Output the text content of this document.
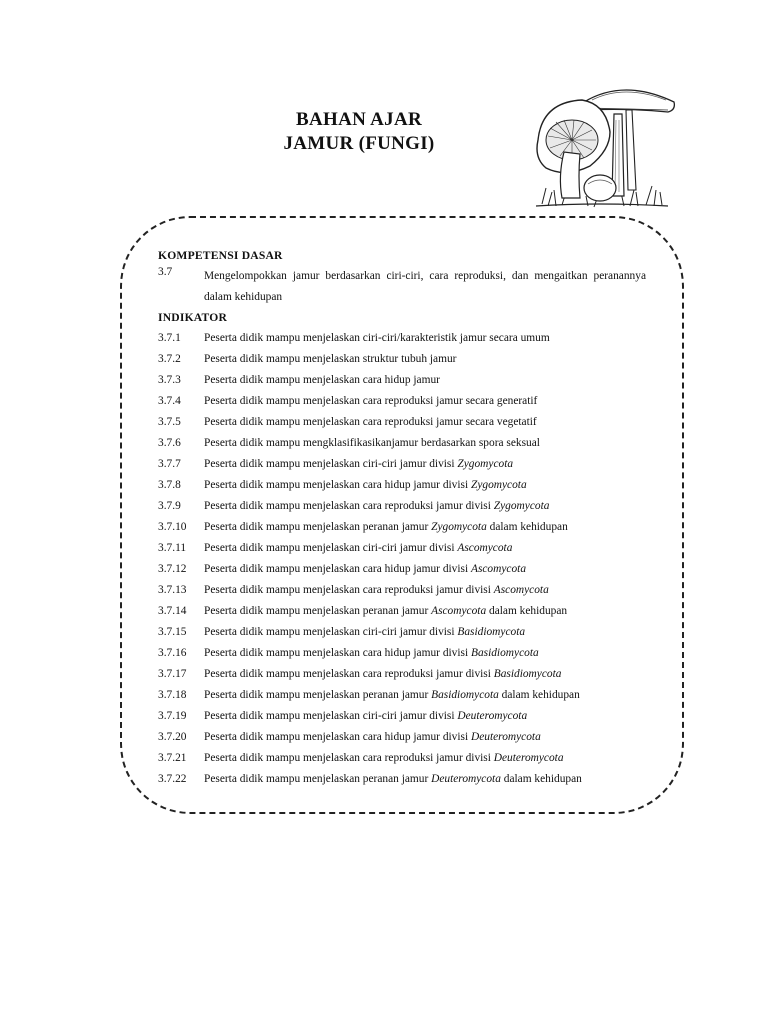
BAHAN AJAR
JAMUR (FUNGI)
KOMPETENSI DASAR
3.7	Mengelompokkan jamur berdasarkan ciri-ciri, cara reproduksi, dan mengaitkan peranannya dalam kehidupan
INDIKATOR
3.7.1	Peserta didik mampu menjelaskan ciri-ciri/karakteristik jamur secara umum
3.7.2	Peserta didik mampu menjelaskan struktur tubuh jamur
3.7.3	Peserta didik mampu menjelaskan cara hidup jamur
3.7.4	Peserta didik mampu menjelaskan cara reproduksi jamur secara generatif
3.7.5	Peserta didik mampu menjelaskan cara reproduksi jamur secara vegetatif
3.7.6	Peserta didik mampu mengklasifikasikanjamur berdasarkan spora seksual
3.7.7	Peserta didik mampu menjelaskan ciri-ciri jamur divisi Zygomycota
3.7.8	Peserta didik mampu menjelaskan cara hidup jamur divisi Zygomycota
3.7.9	Peserta didik mampu menjelaskan cara reproduksi jamur divisi Zygomycota
3.7.10	Peserta didik mampu menjelaskan peranan jamur Zygomycota dalam kehidupan
3.7.11	Peserta didik mampu menjelaskan ciri-ciri jamur divisi Ascomycota
3.7.12	Peserta didik mampu menjelaskan cara hidup jamur divisi Ascomycota
3.7.13	Peserta didik mampu menjelaskan cara reproduksi jamur divisi Ascomycota
3.7.14	Peserta didik mampu menjelaskan peranan jamur Ascomycota dalam kehidupan
3.7.15	Peserta didik mampu menjelaskan ciri-ciri jamur divisi Basidiomycota
3.7.16	Peserta didik mampu menjelaskan cara hidup jamur divisi Basidiomycota
3.7.17	Peserta didik mampu menjelaskan cara reproduksi jamur divisi Basidiomycota
3.7.18	Peserta didik mampu menjelaskan peranan jamur Basidiomycota dalam kehidupan
3.7.19	Peserta didik mampu menjelaskan ciri-ciri jamur divisi Deuteromycota
3.7.20	Peserta didik mampu menjelaskan cara hidup jamur divisi Deuteromycota
3.7.21	Peserta didik mampu menjelaskan cara reproduksi jamur divisi Deuteromycota
3.7.22	Peserta didik mampu menjelaskan peranan jamur Deuteromycota dalam kehidupan
